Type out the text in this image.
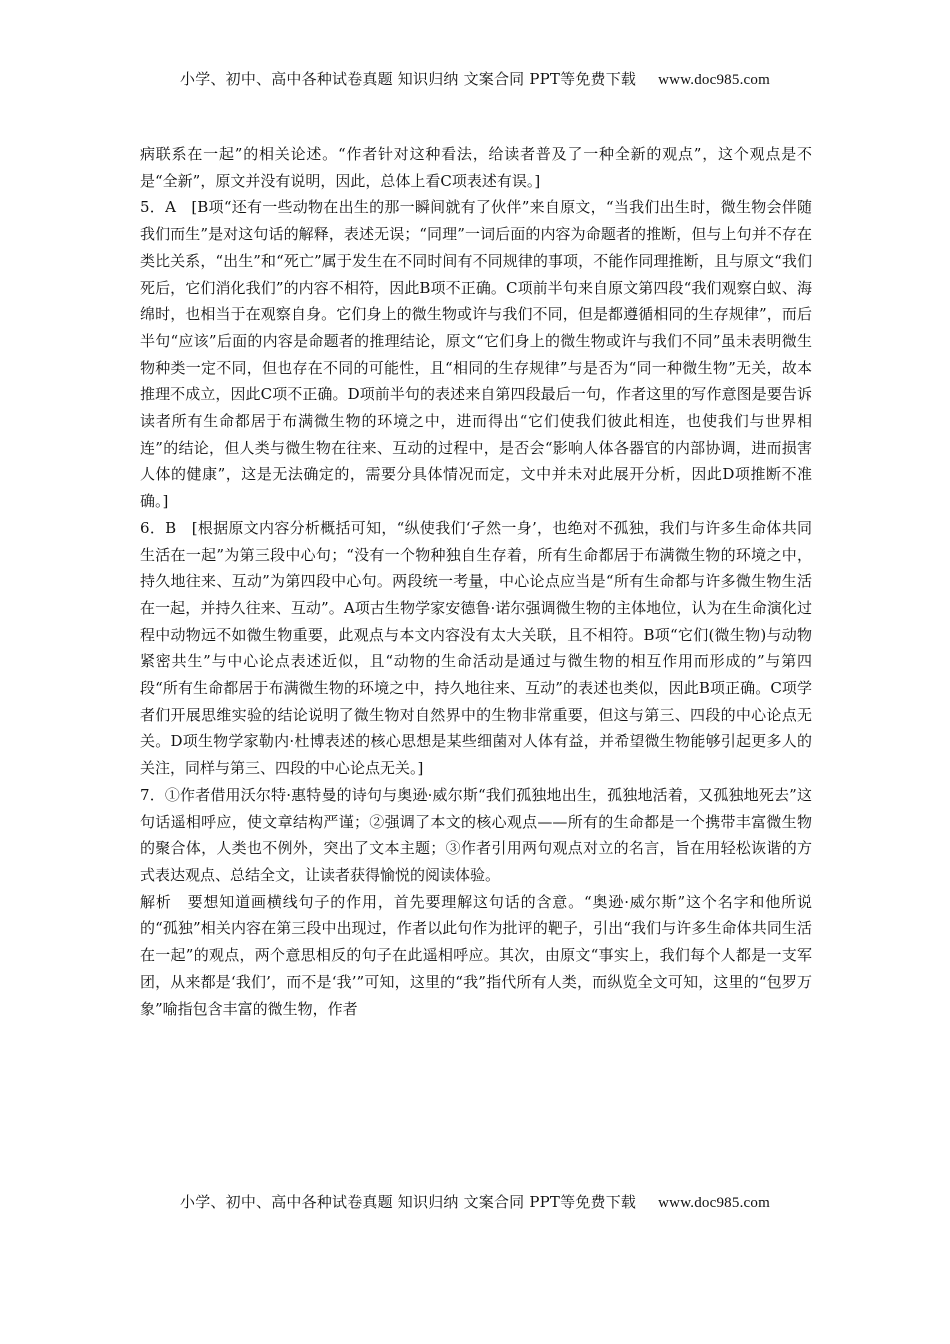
小学、初中、高中各种试卷真题 知识归纳 文案合同 PPT等免费下载 www.doc985.com

病联系在一起”的相关论述。“作者针对这种看法，给读者普及了一种全新的观点”，这个观点是不是“全新”，原文并没有说明，因此，总体上看C项表述有误。]

5．A　[B项“还有一些动物在出生的那一瞬间就有了伙伴”来自原文，“当我们出生时，微生物会伴随我们而生”是对这句话的解释，表述无误；“同理”一词后面的内容为命题者的推断，但与上句并不存在类比关系，“出生”和“死亡”属于发生在不同时间有不同规律的事项，不能作同理推断，且与原文“我们死后，它们消化我们”的内容不相符，因此B项不正确。C项前半句来自原文第四段“我们观察白蚁、海绵时，也相当于在观察自身。它们身上的微生物或许与我们不同，但是都遵循相同的生存规律”，而后半句“应该”后面的内容是命题者的推理结论，原文“它们身上的微生物或许与我们不同”虽未表明微生物种类一定不同，但也存在不同的可能性，且“相同的生存规律”与是否为“同一种微生物”无关，故本推理不成立，因此C项不正确。D项前半句的表述来自第四段最后一句，作者这里的写作意图是要告诉读者所有生命都居于布满微生物的环境之中，进而得出“它们使我们彼此相连，也使我们与世界相连”的结论，但人类与微生物在往来、互动的过程中，是否会“影响人体各器官的内部协调，进而损害人体的健康”，这是无法确定的，需要分具体情况而定，文中并未对此展开分析，因此D项推断不准确。]

6．B　[根据原文内容分析概括可知，“纵使我们‘孑然一身’，也绝对不孤独，我们与许多生命体共同生活在一起”为第三段中心句；“没有一个物种独自生存着，所有生命都居于布满微生物的环境之中，持久地往来、互动”为第四段中心句。两段统一考量，中心论点应当是“所有生命都与许多微生物生活在一起，并持久往来、互动”。A项古生物学家安德鲁·诺尔强调微生物的主体地位，认为在生命演化过程中动物远不如微生物重要，此观点与本文内容没有太大关联，且不相符。B项“它们(微生物)与动物紧密共生”与中心论点表述近似，且“动物的生命活动是通过与微生物的相互作用而形成的”与第四段“所有生命都居于布满微生物的环境之中，持久地往来、互动”的表述也类似，因此B项正确。C项学者们开展思维实验的结论说明了微生物对自然界中的生物非常重要，但这与第三、四段的中心论点无关。D项生物学家勒内·杜博表述的核心思想是某些细菌对人体有益，并希望微生物能够引起更多人的关注，同样与第三、四段的中心论点无关。]

7．①作者借用沃尔特·惠特曼的诗句与奥逊·威尔斯“我们孤独地出生，孤独地活着，又孤独地死去”这句话遥相呼应，使文章结构严谨；②强调了本文的核心观点——所有的生命都是一个携带丰富微生物的聚合体，人类也不例外，突出了文本主题；③作者引用两句观点对立的名言，旨在用轻松诙谐的方式表达观点、总结全文，让读者获得愉悦的阅读体验。

解析　要想知道画横线句子的作用，首先要理解这句话的含意。“奥逊·威尔斯”这个名字和他所说的“孤独”相关内容在第三段中出现过，作者以此句作为批评的靶子，引出“我们与许多生命体共同生活在一起”的观点，两个意思相反的句子在此遥相呼应。其次，由原文“事实上，我们每个人都是一支军团，从来都是‘我们’，而不是‘我’”可知，这里的“我”指代所有人类，而纵览全文可知，这里的“包罗万象”喻指包含丰富的微生物，作者

小学、初中、高中各种试卷真题 知识归纳 文案合同 PPT等免费下载 www.doc985.com
